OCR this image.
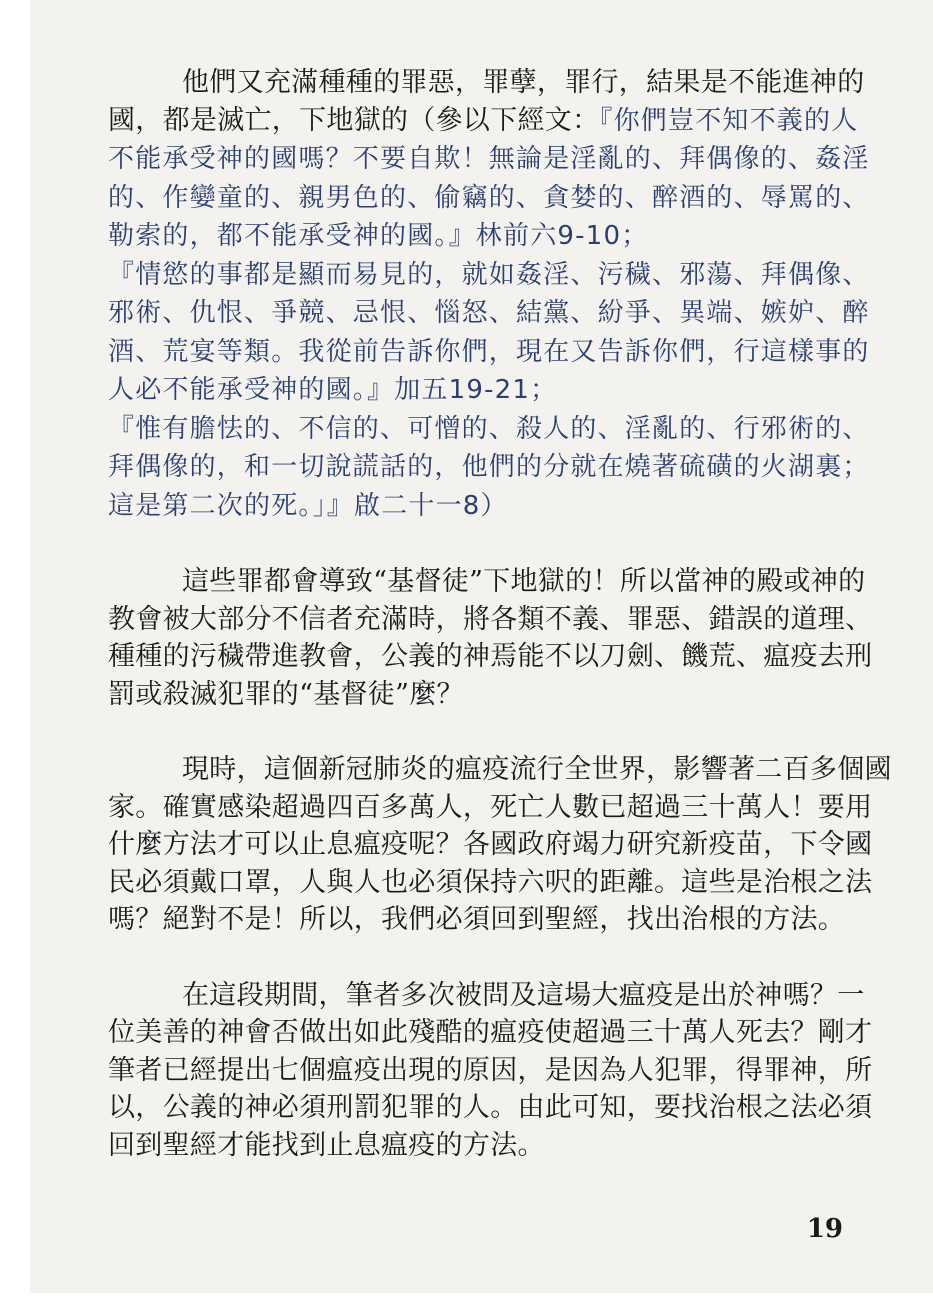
他們又充滿種種的罪惡，罪孽，罪行，結果是不能進神的
國，都是滅亡，下地獄的（參以下經文：『你們豈不知不義的人
不能承受神的國嗎？不要自欺！無論是淫亂的、拜偶像的、姦淫
的、作孌童的、親男色的、偷竊的、貪婪的、醉酒的、辱罵的、
勒索的，都不能承受神的國。』林前六9-10；
『情慾的事都是顯而易見的，就如姦淫、污穢、邪蕩、拜偶像、
邪術、仇恨、爭競、忌恨、惱怒、結黨、紛爭、異端、嫉妒、醉
酒、荒宴等類。我從前告訴你們，現在又告訴你們，行這樣事的
人必不能承受神的國。』加五19-21；
『惟有膽怯的、不信的、可憎的、殺人的、淫亂的、行邪術的、
拜偶像的，和一切說謊話的，他們的分就在燒著硫磺的火湖裏；
這是第二次的死。」』啟二十一8）
這些罪都會導致“基督徒”下地獄的！所以當神的殿或神的
教會被大部分不信者充滿時，將各類不義、罪惡、錯誤的道理、
種種的污穢帶進教會，公義的神焉能不以刀劍、饑荒、瘟疫去刑
罰或殺滅犯罪的“基督徒”麼？
現時，這個新冠肺炎的瘟疫流行全世界，影響著二百多個國
家。確實感染超過四百多萬人，死亡人數已超過三十萬人！要用
什麼方法才可以止息瘟疫呢？各國政府竭力研究新疫苗，下令國
民必須戴口罩，人與人也必須保持六呎的距離。這些是治根之法
嗎？絕對不是！所以，我們必須回到聖經，找出治根的方法。
在這段期間，筆者多次被問及這場大瘟疫是出於神嗎？一
位美善的神會否做出如此殘酷的瘟疫使超過三十萬人死去？剛才
筆者已經提出七個瘟疫出現的原因，是因為人犯罪，得罪神，所
以，公義的神必須刑罰犯罪的人。由此可知，要找治根之法必須
回到聖經才能找到止息瘟疫的方法。
19
